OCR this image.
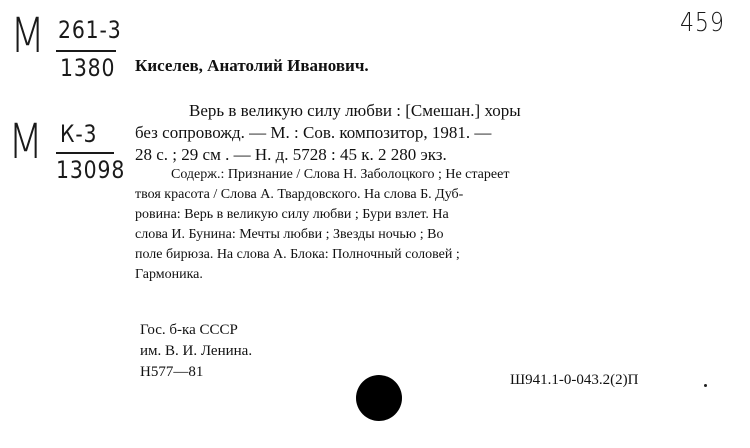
М 261-3
1380
М К-3
13098
459
Киселев, Анатолий Иванович.
Верь в великую силу любви : [Смешан.] хоры
без сопровожд. — М. : Сов. композитор, 1981. —
28 с. ; 29 см . — Н. д. 5728 : 45 к. 2 280 экз.
Содерж.: Признание / Слова Н. Заболоцкого ; Не стареет
твоя красота / Слова А. Твардовского. На слова Б. Дуб-
ровина: Верь в великую силу любви ; Бури взлет. На
слова И. Бунина: Мечты любви ; Звезды ночью ; Во
поле бирюза. На слова А. Блока: Полночный соловей ;
Гармоника.
Гос. б-ка СССР
им. В. И. Ленина.
Н577—81	Ш941.1-0-043.2(2)П
